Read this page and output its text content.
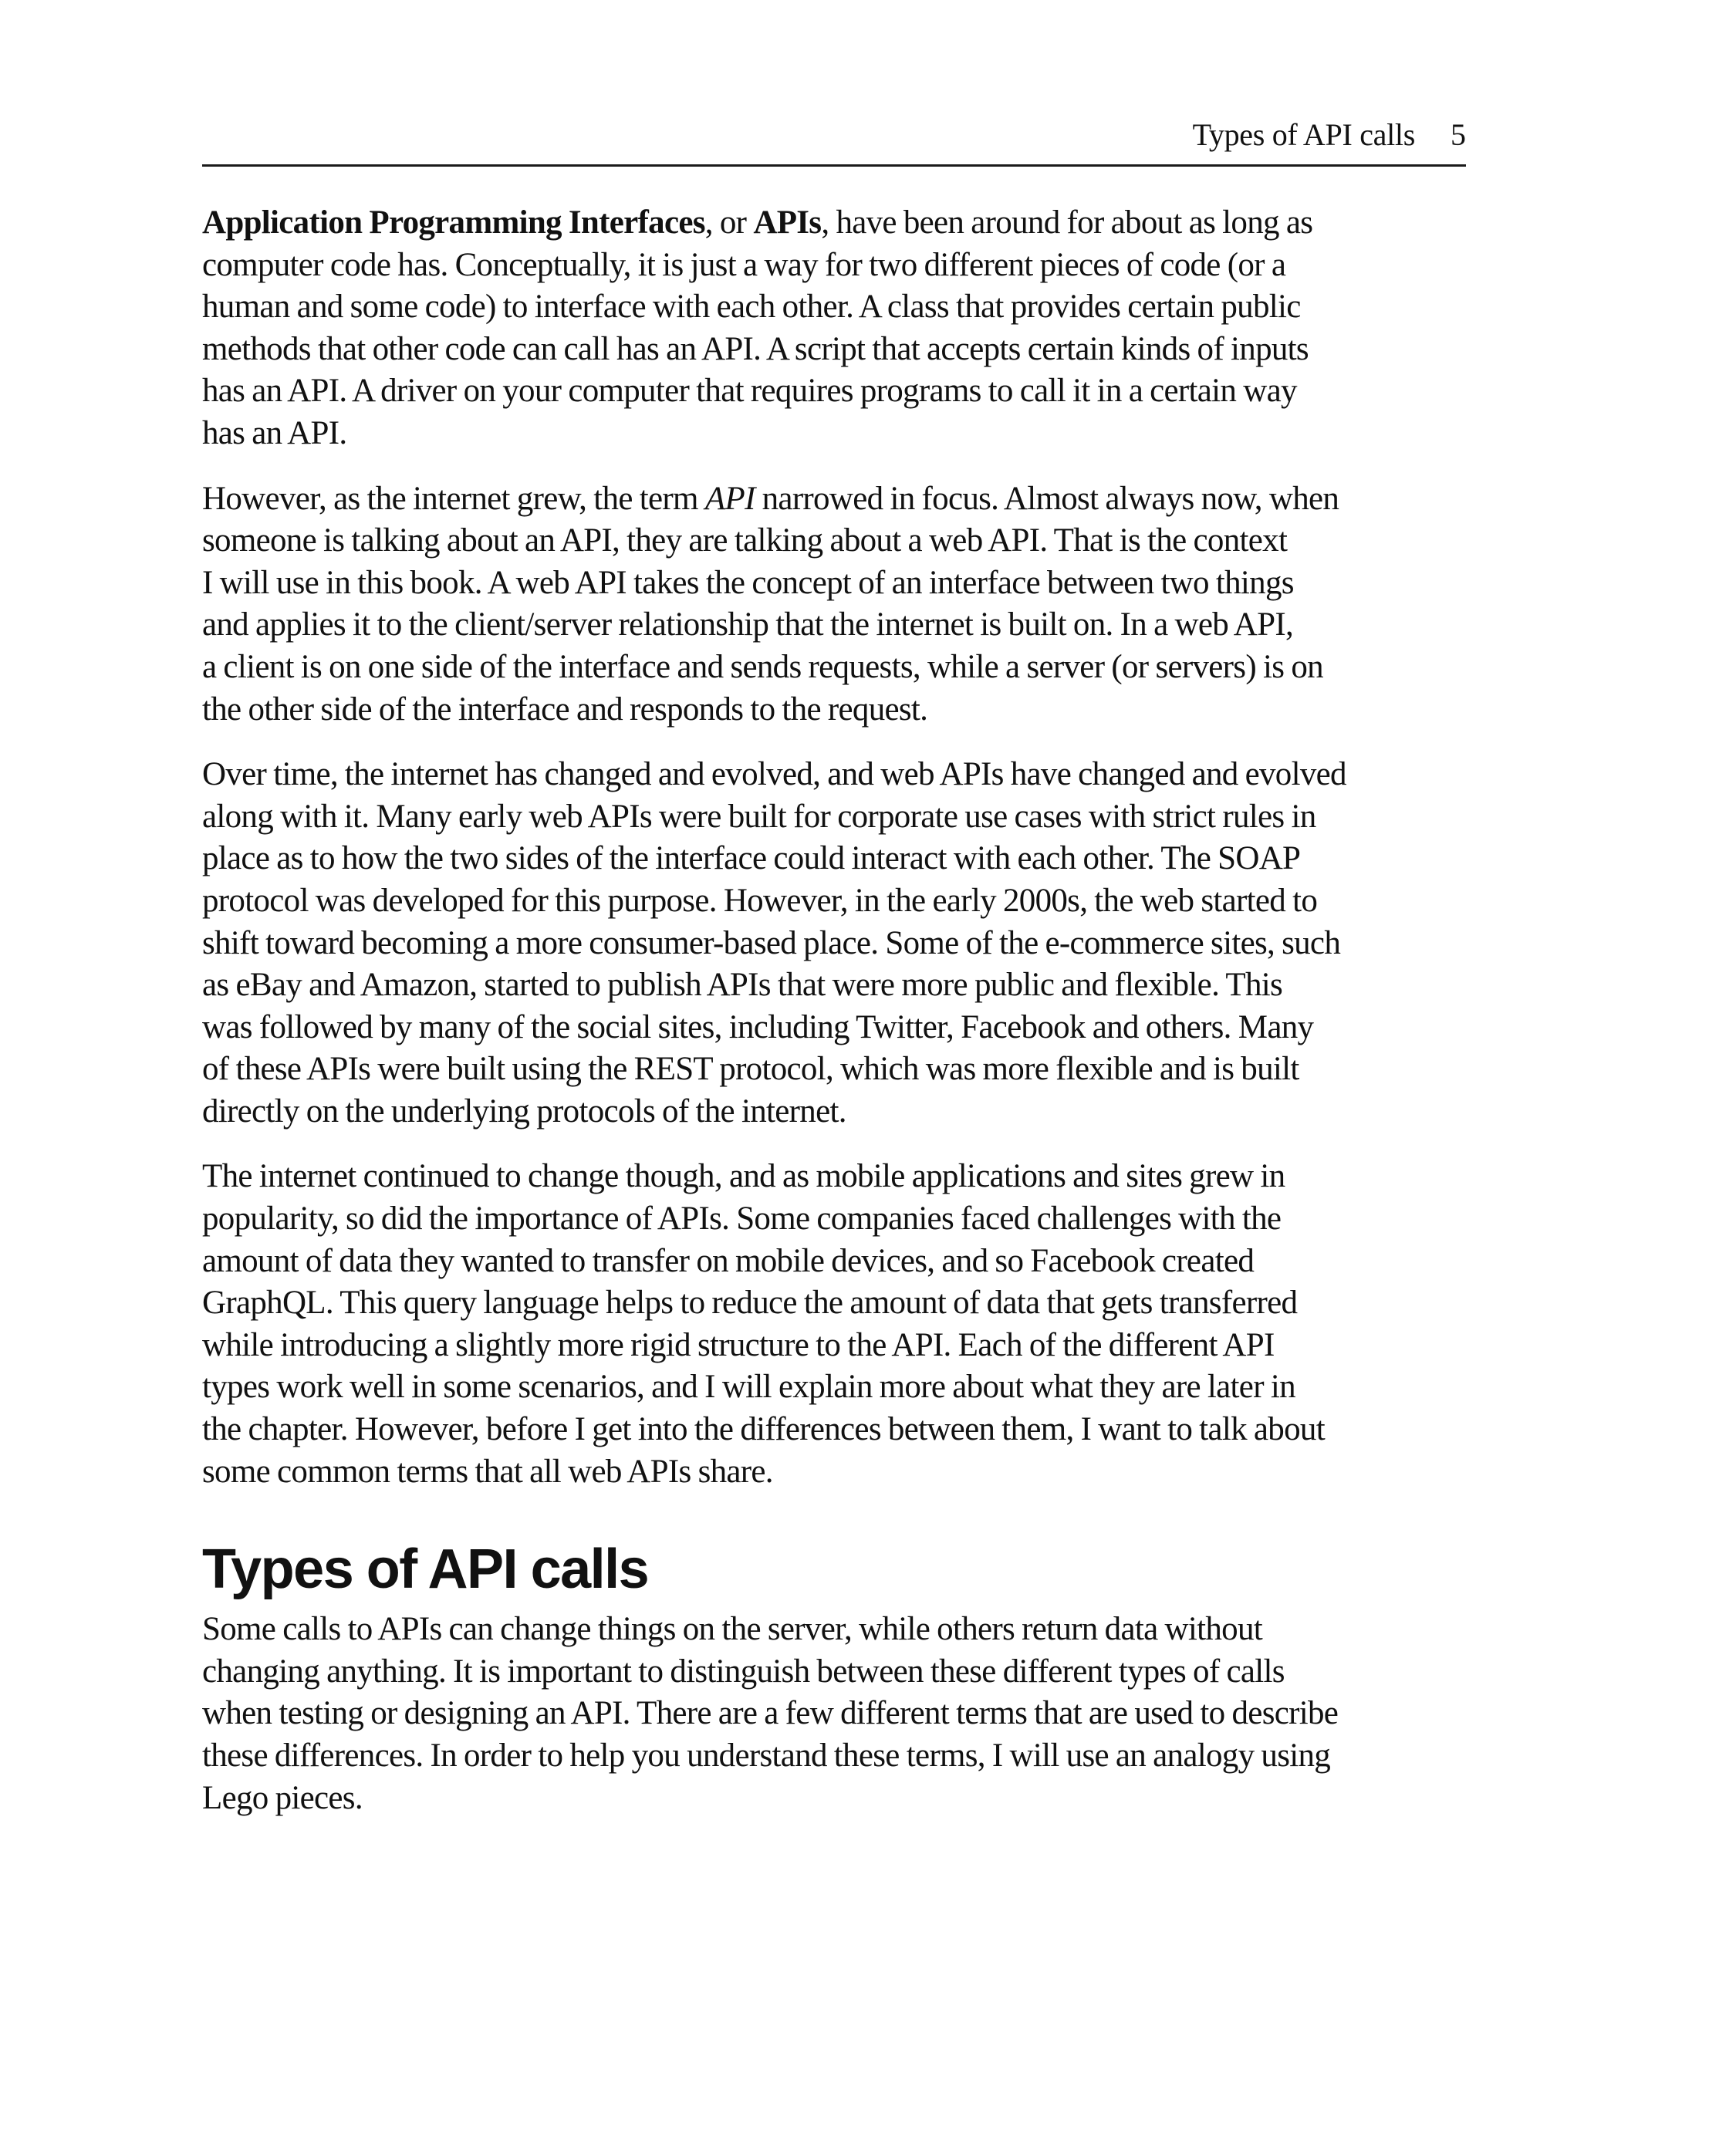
Types of API calls 5

Application Programming Interfaces, or APIs, have been around for about as long as
computer code has. Conceptually, it is just a way for two different pieces of code (or a
human and some code) to interface with each other. A class that provides certain public
methods that other code can call has an API. A script that accepts certain kinds of inputs
has an API. A driver on your computer that requires programs to call it in a certain way
has an API.

However, as the internet grew, the term API narrowed in focus. Almost always now, when
someone is talking about an API, they are talking about a web API. That is the context
I will use in this book. A web API takes the concept of an interface between two things
and applies it to the client/server relationship that the internet is built on. In a web API,
a client is on one side of the interface and sends requests, while a server (or servers) is on
the other side of the interface and responds to the request.

Over time, the internet has changed and evolved, and web APIs have changed and evolved
along with it. Many early web APIs were built for corporate use cases with strict rules in
place as to how the two sides of the interface could interact with each other. The SOAP
protocol was developed for this purpose. However, in the early 2000s, the web started to
shift toward becoming a more consumer-based place. Some of the e-commerce sites, such
as eBay and Amazon, started to publish APIs that were more public and flexible. This
was followed by many of the social sites, including Twitter, Facebook and others. Many
of these APIs were built using the REST protocol, which was more flexible and is built
directly on the underlying protocols of the internet.

The internet continued to change though, and as mobile applications and sites grew in
popularity, so did the importance of APIs. Some companies faced challenges with the
amount of data they wanted to transfer on mobile devices, and so Facebook created
GraphQL. This query language helps to reduce the amount of data that gets transferred
while introducing a slightly more rigid structure to the API. Each of the different API
types work well in some scenarios, and I will explain more about what they are later in
the chapter. However, before I get into the differences between them, I want to talk about
some common terms that all web APIs share.

Types of API calls

Some calls to APIs can change things on the server, while others return data without
changing anything. It is important to distinguish between these different types of calls
when testing or designing an API. There are a few different terms that are used to describe
these differences. In order to help you understand these terms, I will use an analogy using
Lego pieces.
